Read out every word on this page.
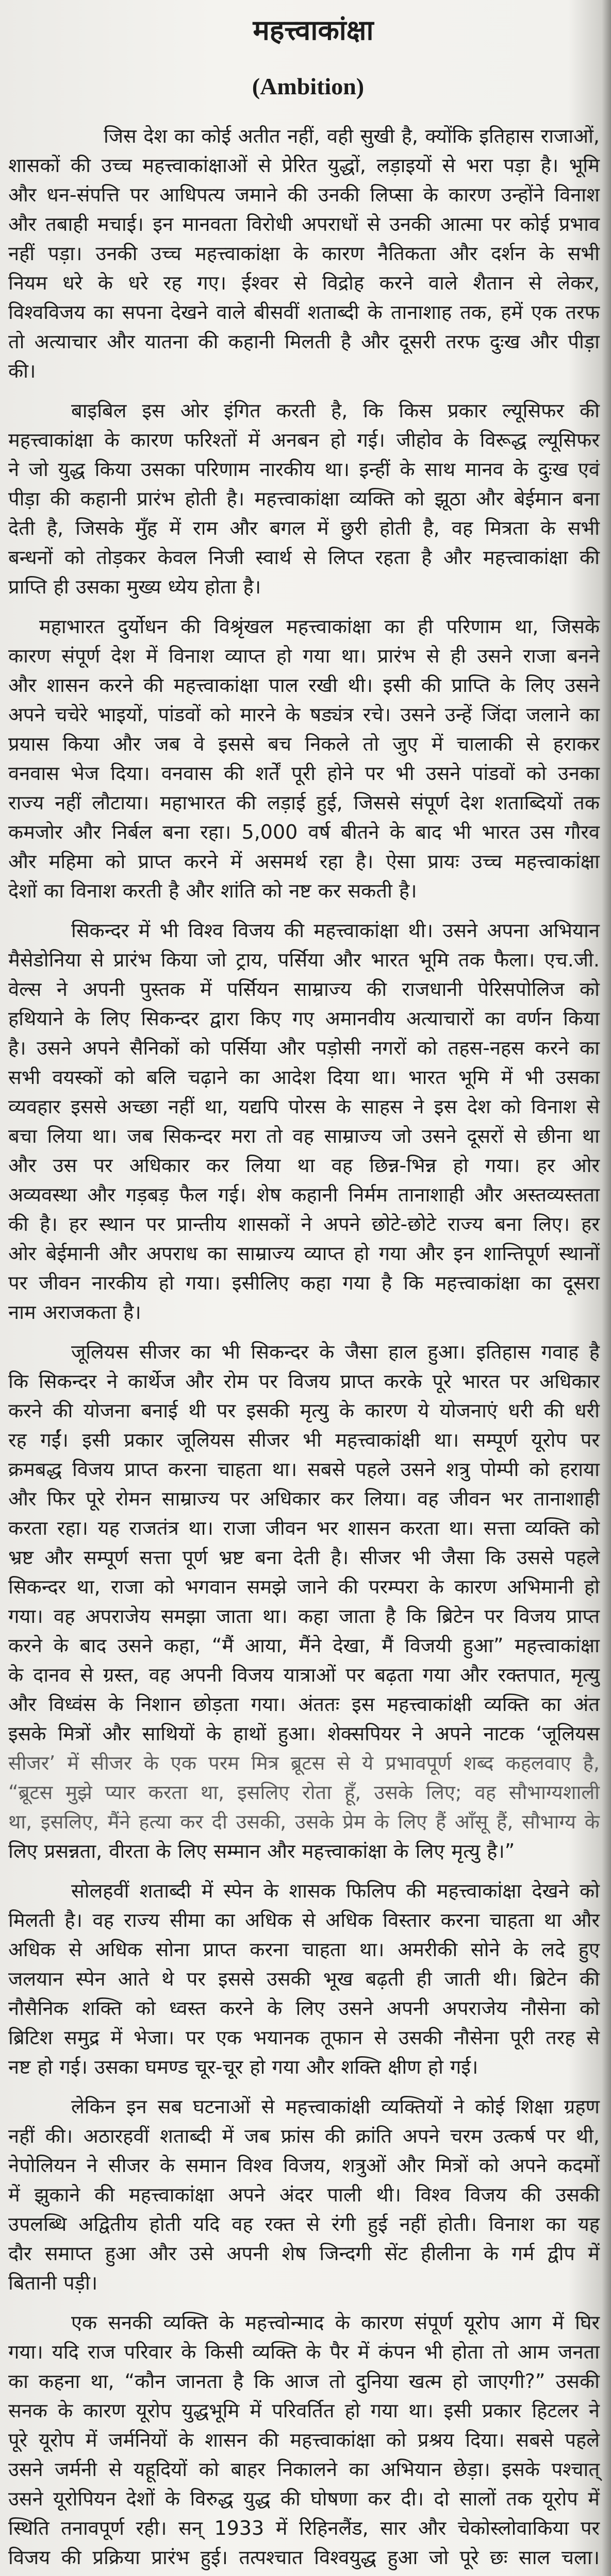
महत्त्वाकांक्षा
(Ambition)
जिस देश का कोई अतीत नहीं, वही सुखी है, क्योंकि इतिहास राजाओं,
शासकों की उच्च महत्त्वाकांक्षाओं से प्रेरित युद्धों, लड़ाइयों से भरा पड़ा है। भूमि
और धन-संपत्ति पर आधिपत्य जमाने की उनकी लिप्सा के कारण उन्होंने विनाश
और तबाही मचाई। इन मानवता विरोधी अपराधों से उनकी आत्मा पर कोई प्रभाव
नहीं पड़ा। उनकी उच्च महत्त्वाकांक्षा के कारण नैतिकता और दर्शन के सभी
नियम धरे के धरे रह गए। ईश्वर से विद्रोह करने वाले शैतान से लेकर,
विश्वविजय का सपना देखने वाले बीसवीं शताब्दी के तानाशाह तक, हमें एक तरफ
तो अत्याचार और यातना की कहानी मिलती है और दूसरी तरफ दुःख और पीड़ा
की।
बाइबिल इस ओर इंगित करती है, कि किस प्रकार ल्यूसिफर की
महत्त्वाकांक्षा के कारण फरिश्तों में अनबन हो गई। जीहोव के विरूद्ध ल्यूसिफर
ने जो युद्ध किया उसका परिणाम नारकीय था। इन्हीं के साथ मानव के दुःख एवं
पीड़ा की कहानी प्रारंभ होती है। महत्त्वाकांक्षा व्यक्ति को झूठा और बेईमान बना
देती है, जिसके मुँह में राम और बगल में छुरी होती है, वह मित्रता के सभी
बन्धनों को तोड़कर केवल निजी स्वार्थ से लिप्त रहता है और महत्त्वाकांक्षा की
प्राप्ति ही उसका मुख्य ध्येय होता है।
महाभारत दुर्योधन की विश्रृंखल महत्त्वाकांक्षा का ही परिणाम था, जिसके
कारण संपूर्ण देश में विनाश व्याप्त हो गया था। प्रारंभ से ही उसने राजा बनने
और शासन करने की महत्त्वाकांक्षा पाल रखी थी। इसी की प्राप्ति के लिए उसने
अपने चचेरे भाइयों, पांडवों को मारने के षड्यंत्र रचे। उसने उन्हें जिंदा जलाने का
प्रयास किया और जब वे इससे बच निकले तो जुए में चालाकी से हराकर
वनवास भेज दिया। वनवास की शर्तें पूरी होने पर भी उसने पांडवों को उनका
राज्य नहीं लौटाया। महाभारत की लड़ाई हुई, जिससे संपूर्ण देश शताब्दियों तक
कमजोर और निर्बल बना रहा। 5,000 वर्ष बीतने के बाद भी भारत उस गौरव
और महिमा को प्राप्त करने में असमर्थ रहा है। ऐसा प्रायः उच्च महत्त्वाकांक्षा
देशों का विनाश करती है और शांति को नष्ट कर सकती है।
सिकन्दर में भी विश्व विजय की महत्त्वाकांक्षा थी। उसने अपना अभियान
मैसेडोनिया से प्रारंभ किया जो ट्राय, पर्सिया और भारत भूमि तक फैला। एच.जी.
वेल्स ने अपनी पुस्तक में पर्सियन साम्राज्य की राजधानी पेरिसपोलिज को
हथियाने के लिए सिकन्दर द्वारा किए गए अमानवीय अत्याचारों का वर्णन किया
है। उसने अपने सैनिकों को पर्सिया और पड़ोसी नगरों को तहस-नहस करने का
सभी वयस्कों को बलि चढ़ाने का आदेश दिया था। भारत भूमि में भी उसका
व्यवहार इससे अच्छा नहीं था, यद्यपि पोरस के साहस ने इस देश को विनाश से
बचा लिया था। जब सिकन्दर मरा तो वह साम्राज्य जो उसने दूसरों से छीना था
और उस पर अधिकार कर लिया था वह छिन्न-भिन्न हो गया। हर ओर
अव्यवस्था और गड़बड़ फैल गई। शेष कहानी निर्मम तानाशाही और अस्तव्यस्तता
की है। हर स्थान पर प्रान्तीय शासकों ने अपने छोटे-छोटे राज्य बना लिए। हर
ओर बेईमानी और अपराध का साम्राज्य व्याप्त हो गया और इन शान्तिपूर्ण स्थानों
पर जीवन नारकीय हो गया। इसीलिए कहा गया है कि महत्त्वाकांक्षा का दूसरा
नाम अराजकता है।
जूलियस सीजर का भी सिकन्दर के जैसा हाल हुआ। इतिहास गवाह है
कि सिकन्दर ने कार्थेज और रोम पर विजय प्राप्त करके पूरे भारत पर अधिकार
करने की योजना बनाई थी पर इसकी मृत्यु के कारण ये योजनाएं धरी की धरी
रह गईं। इसी प्रकार जूलियस सीजर भी महत्त्वाकांक्षी था। सम्पूर्ण यूरोप पर
क्रमबद्ध विजय प्राप्त करना चाहता था। सबसे पहले उसने शत्रु पोम्पी को हराया
और फिर पूरे रोमन साम्राज्य पर अधिकार कर लिया। वह जीवन भर तानाशाही
करता रहा। यह राजतंत्र था। राजा जीवन भर शासन करता था। सत्ता व्यक्ति को
भ्रष्ट और सम्पूर्ण सत्ता पूर्ण भ्रष्ट बना देती है। सीजर भी जैसा कि उससे पहले
सिकन्दर था, राजा को भगवान समझे जाने की परम्परा के कारण अभिमानी हो
गया। वह अपराजेय समझा जाता था। कहा जाता है कि ब्रिटेन पर विजय प्राप्त
करने के बाद उसने कहा, “मैं आया, मैंने देखा, मैं विजयी हुआ” महत्त्वाकांक्षा
के दानव से ग्रस्त, वह अपनी विजय यात्राओं पर बढ़ता गया और रक्तपात, मृत्यु
और विध्वंस के निशान छोड़ता गया। अंततः इस महत्त्वाकांक्षी व्यक्ति का अंत
इसके मित्रों और साथियों के हाथों हुआ। शेक्सपियर ने अपने नाटक ‘जूलियस
सीजर’ में सीजर के एक परम मित्र ब्रूटस से ये प्रभावपूर्ण शब्द कहलवाए है,
“ब्रूटस मुझे प्यार करता था, इसलिए रोता हूँ, उसके लिए; वह सौभाग्यशाली
था, इसलिए, मैंने हत्या कर दी उसकी, उसके प्रेम के लिए हैं आँसू हैं, सौभाग्य के
लिए प्रसन्नता, वीरता के लिए सम्मान और महत्त्वाकांक्षा के लिए मृत्यु है।”
सोलहवीं शताब्दी में स्पेन के शासक फिलिप की महत्त्वाकांक्षा देखने को
मिलती है। वह राज्य सीमा का अधिक से अधिक विस्तार करना चाहता था और
अधिक से अधिक सोना प्राप्त करना चाहता था। अमरीकी सोने के लदे हुए
जलयान स्पेन आते थे पर इससे उसकी भूख बढ़ती ही जाती थी। ब्रिटेन की
नौसैनिक शक्ति को ध्वस्त करने के लिए उसने अपनी अपराजेय नौसेना को
ब्रिटिश समुद्र में भेजा। पर एक भयानक तूफान से उसकी नौसेना पूरी तरह से
नष्ट हो गई। उसका घमण्ड चूर-चूर हो गया और शक्ति क्षीण हो गई।
लेकिन इन सब घटनाओं से महत्त्वाकांक्षी व्यक्तियों ने कोई शिक्षा ग्रहण
नहीं की। अठारहवीं शताब्दी में जब फ्रांस की क्रांति अपने चरम उत्कर्ष पर थी,
नेपोलियन ने सीजर के समान विश्व विजय, शत्रुओं और मित्रों को अपने कदमों
में झुकाने की महत्त्वाकांक्षा अपने अंदर पाली थी। विश्व विजय की उसकी
उपलब्धि अद्वितीय होती यदि वह रक्त से रंगी हुई नहीं होती। विनाश का यह
दौर समाप्त हुआ और उसे अपनी शेष जिन्दगी सेंट हीलीना के गर्म द्वीप में
बितानी पड़ी।
एक सनकी व्यक्ति के महत्त्वोन्माद के कारण संपूर्ण यूरोप आग में घिर
गया। यदि राज परिवार के किसी व्यक्ति के पैर में कंपन भी होता तो आम जनता
का कहना था, “कौन जानता है कि आज तो दुनिया खत्म हो जाएगी?” उसकी
सनक के कारण यूरोप युद्धभूमि में परिवर्तित हो गया था। इसी प्रकार हिटलर ने
पूरे यूरोप में जर्मनियों के शासन की महत्त्वाकांक्षा को प्रश्रय दिया। सबसे पहले
उसने जर्मनी से यहूदियों को बाहर निकालने का अभियान छेड़ा। इसके पश्चात्
उसने यूरोपियन देशों के विरुद्ध युद्ध की घोषणा कर दी। दो सालों तक यूरोप में
स्थिति तनावपूर्ण रही। सन् 1933 में रिहिनलैंड, सार और चेकोस्लोवाकिया पर
विजय की प्रक्रिया प्रारंभ हुई। तत्पश्चात विश्वयुद्ध हुआ जो पूरे छः साल चला।
